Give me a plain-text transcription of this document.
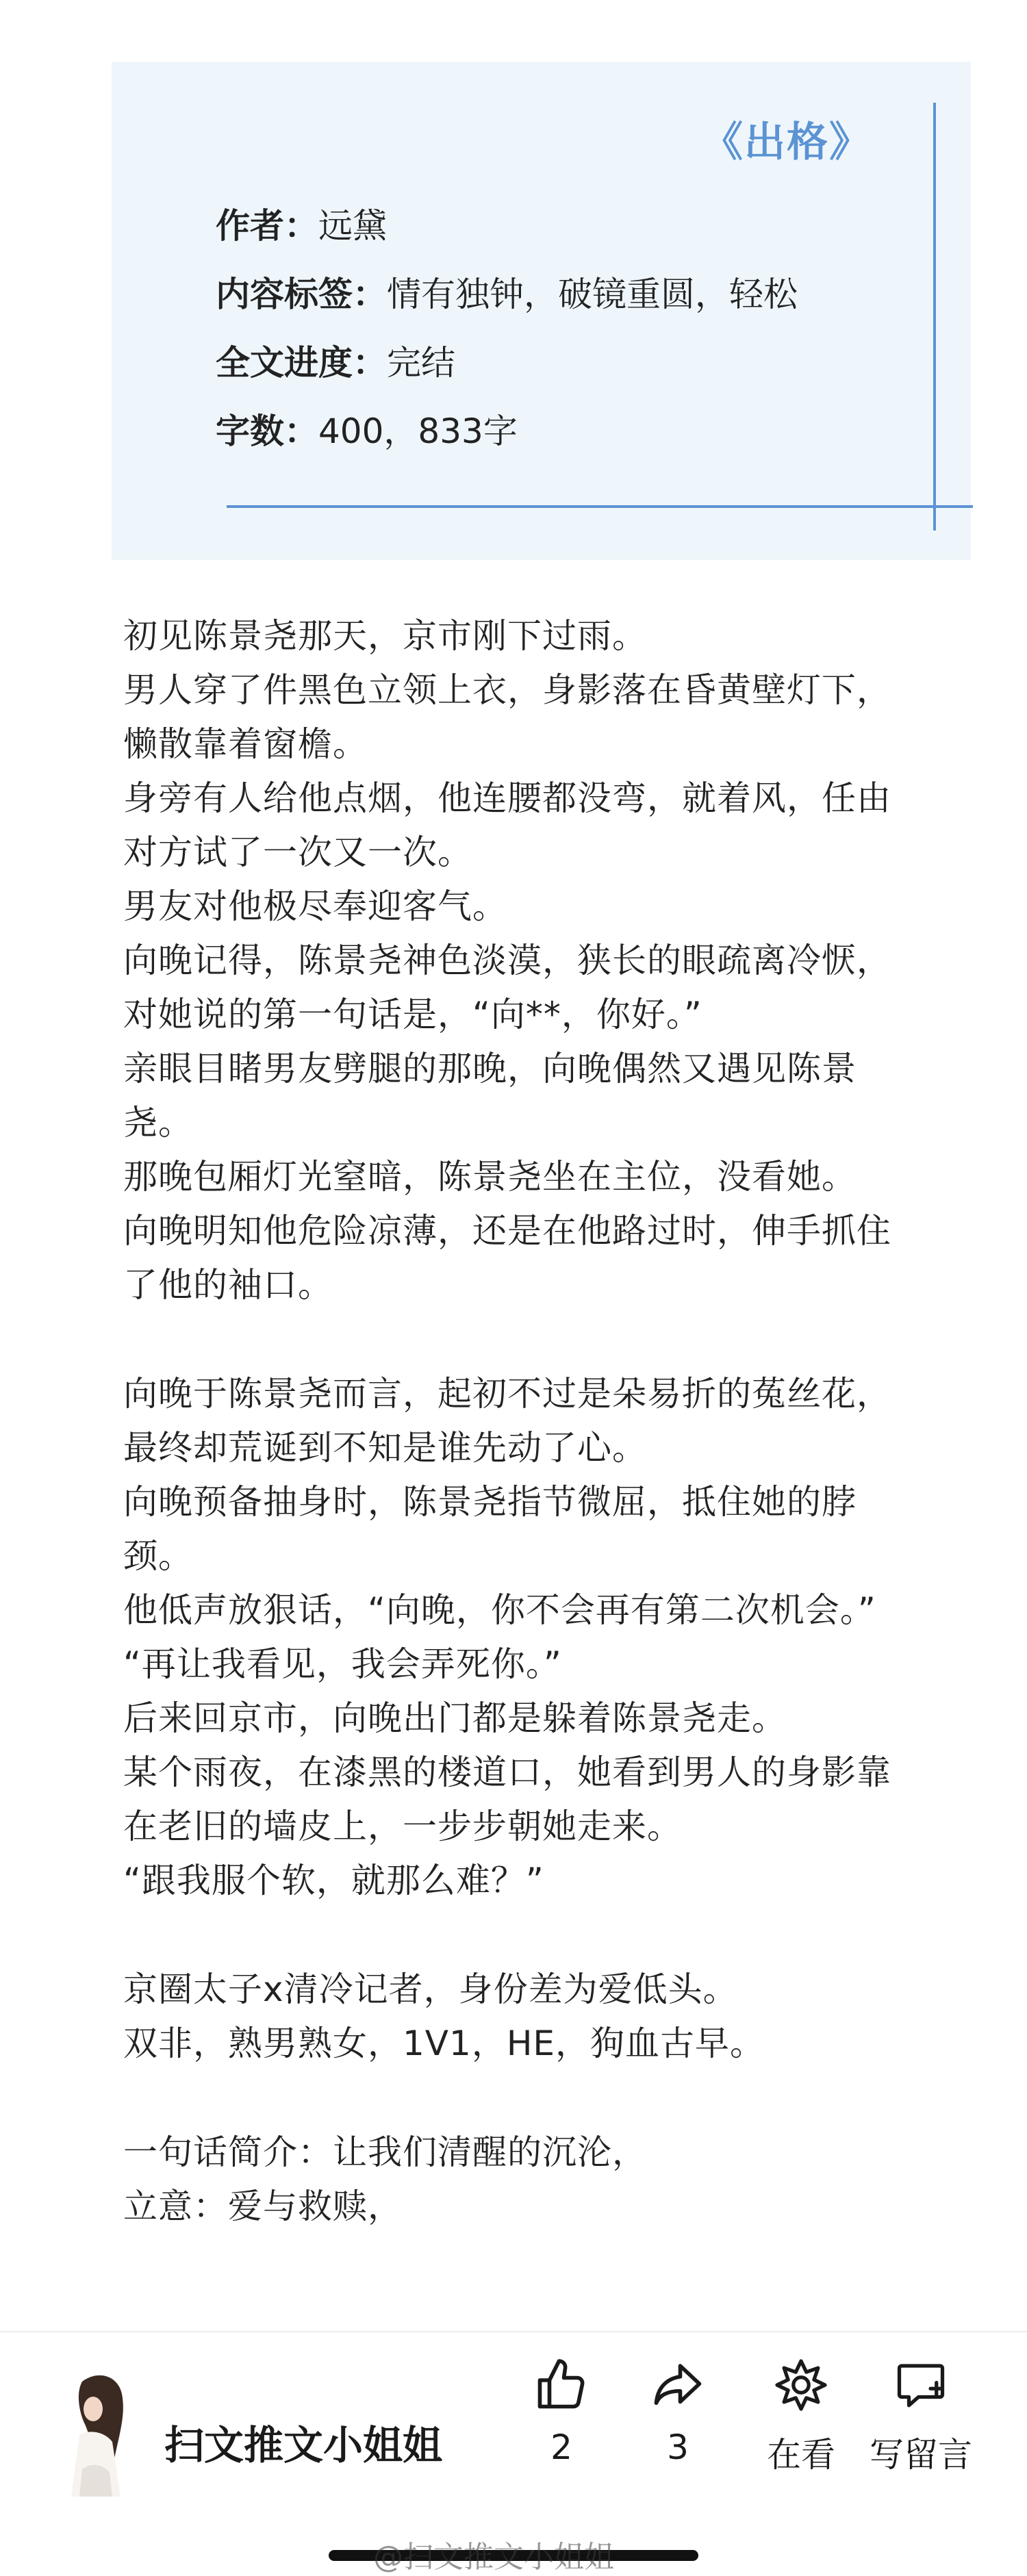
《出格》
作者：远黛
内容标签：情有独钟，破镜重圆，轻松
全文进度：完结
字数：400，833字

初见陈景尧那天，京市刚下过雨。

男人穿了件黑色立领上衣，身影落在昏黄壁灯下，懒散靠着窗檐。

身旁有人给他点烟，他连腰都没弯，就着风，任由对方试了一次又一次。

男友对他极尽奉迎客气。

向晚记得，陈景尧神色淡漠，狭长的眼疏离冷恹，对她说的第一句话是，“向**，你好。”

亲眼目睹男友劈腿的那晚，向晚偶然又遇见陈景尧。

那晚包厢灯光窒暗，陈景尧坐在主位，没看她。

向晚明知他危险凉薄，还是在他路过时，伸手抓住了他的袖口。

向晚于陈景尧而言，起初不过是朵易折的菟丝花，最终却荒诞到不知是谁先动了心。

向晚预备抽身时，陈景尧指节微屈，抵住她的脖颈。

他低声放狠话，“向晚，你不会再有第二次机会。”

“再让我看见，我会弄死你。”

后来回京市，向晚出门都是躲着陈景尧走。

某个雨夜，在漆黑的楼道口，她看到男人的身影靠在老旧的墙皮上，一步步朝她走来。

“跟我服个软，就那么难？”

京圈太子x清冷记者，身份差为爱低头。

双非，熟男熟女，1V1，HE，狗血古早。

一句话简介：让我们清醒的沉沦，

立意：爱与救赎，

扫文推文小姐姐	2	3	在看	写留言
@扫文推文小姐姐
